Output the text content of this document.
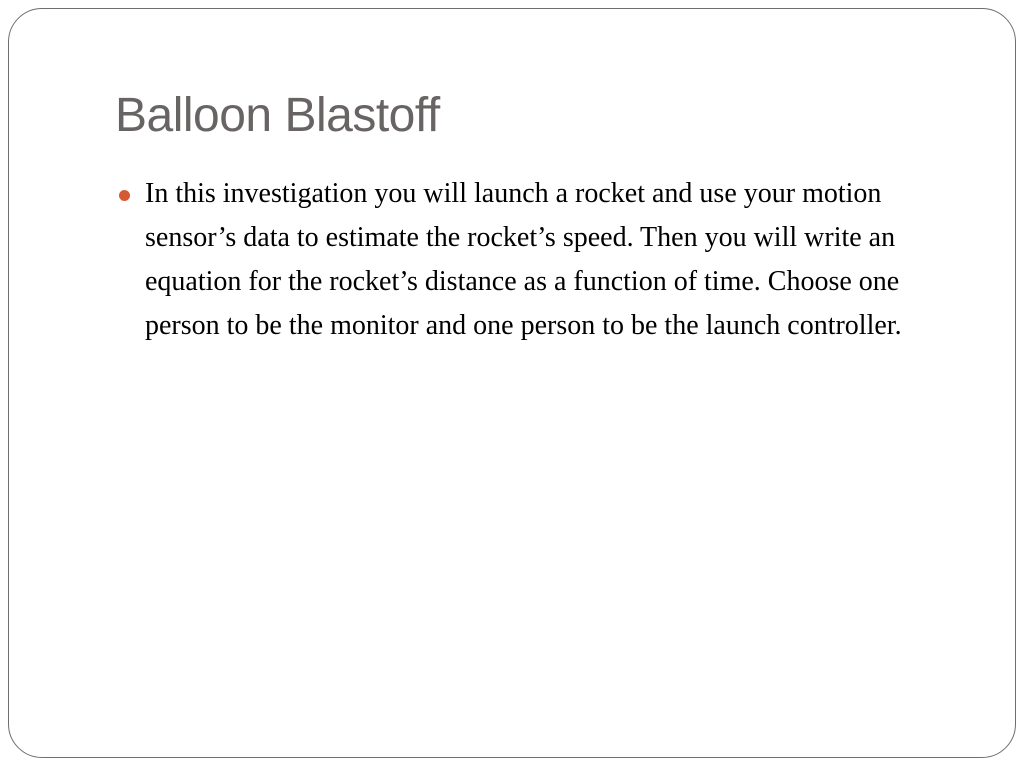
Balloon Blastoff

In this investigation you will launch a rocket and use your motion sensor’s data to estimate the rocket’s speed. Then you will write an equation for the rocket’s distance as a function of time. Choose one person to be the monitor and one person to be the launch controller.
